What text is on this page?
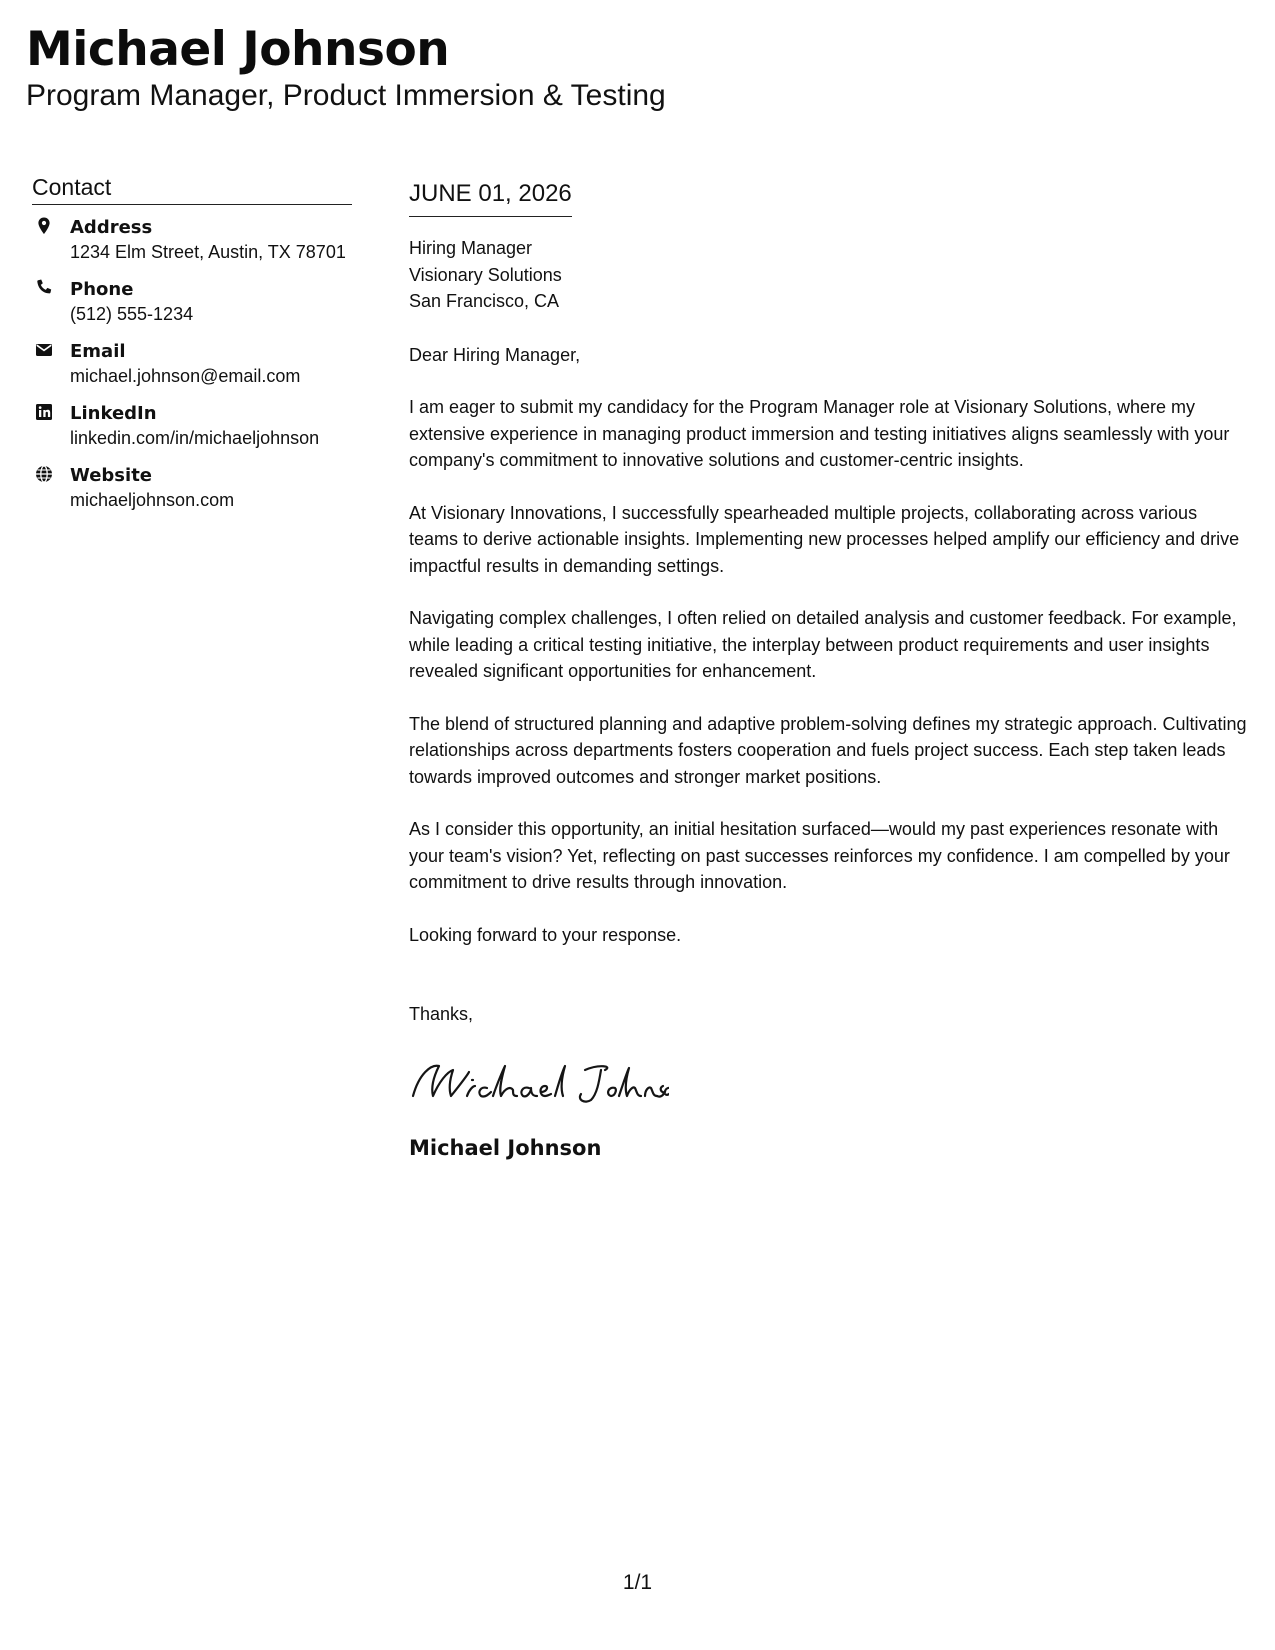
Michael Johnson
Program Manager, Product Immersion & Testing
Contact
Address
1234 Elm Street, Austin, TX 78701
Phone
(512) 555-1234
Email
michael.johnson@email.com
LinkedIn
linkedin.com/in/michaeljohnson
Website
michaeljohnson.com
JUNE 01, 2026
Hiring Manager
Visionary Solutions
San Francisco, CA
Dear Hiring Manager,
I am eager to submit my candidacy for the Program Manager role at Visionary Solutions, where my extensive experience in managing product immersion and testing initiatives aligns seamlessly with your company's commitment to innovative solutions and customer-centric insights.
At Visionary Innovations, I successfully spearheaded multiple projects, collaborating across various teams to derive actionable insights. Implementing new processes helped amplify our efficiency and drive impactful results in demanding settings.
Navigating complex challenges, I often relied on detailed analysis and customer feedback. For example, while leading a critical testing initiative, the interplay between product requirements and user insights revealed significant opportunities for enhancement.
The blend of structured planning and adaptive problem-solving defines my strategic approach. Cultivating relationships across departments fosters cooperation and fuels project success. Each step taken leads towards improved outcomes and stronger market positions.
As I consider this opportunity, an initial hesitation surfaced—would my past experiences resonate with your team's vision? Yet, reflecting on past successes reinforces my confidence. I am compelled by your commitment to drive results through innovation.
Looking forward to your response.
Thanks,
Michael Johnson
1/1
